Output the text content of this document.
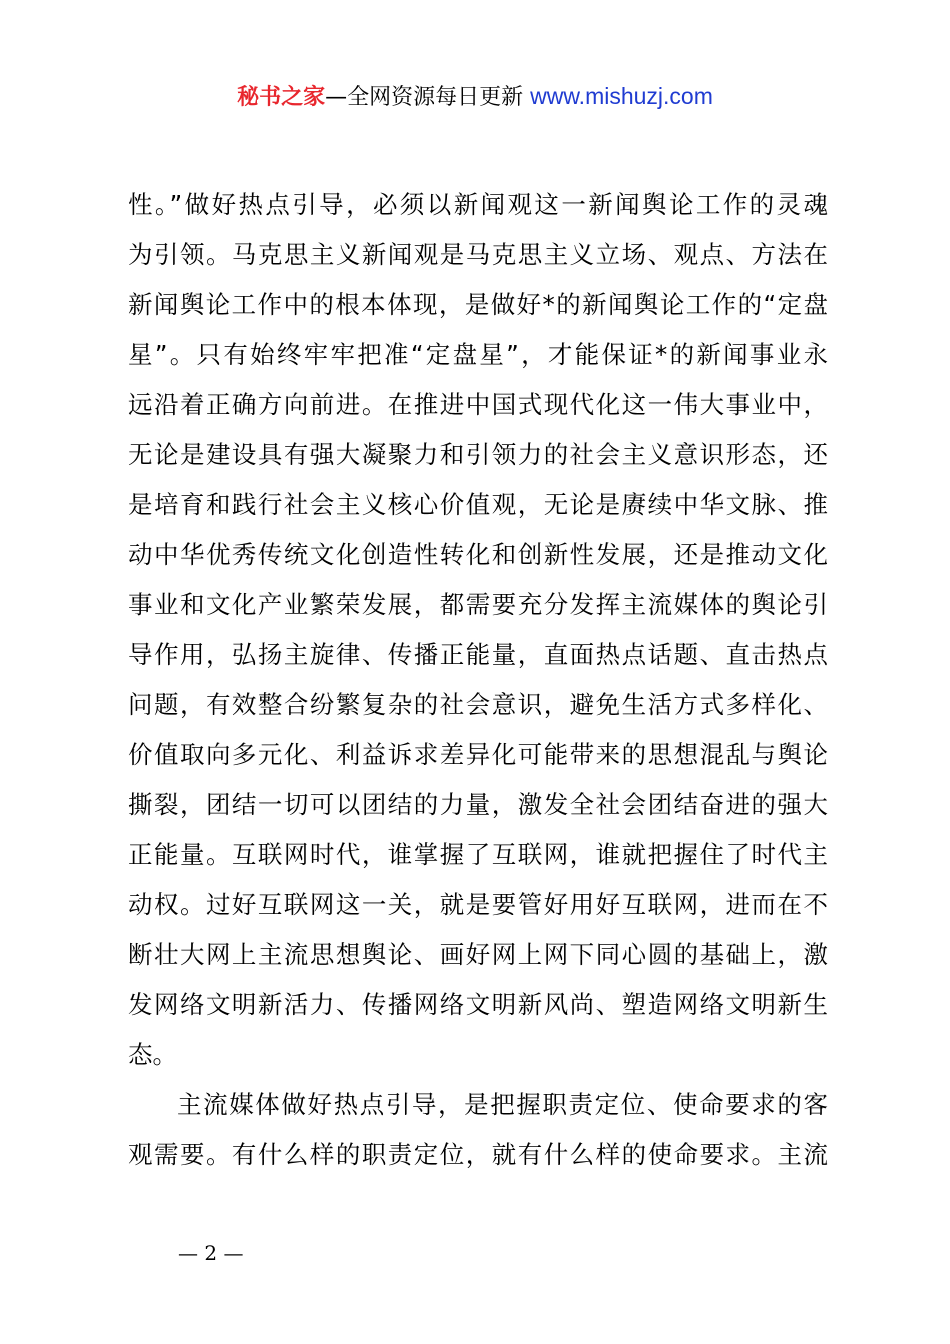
秘书之家—全网资源每日更新 www.mishuzj.com
性。”做好热点引导，必须以新闻观这一新闻舆论工作的灵魂
为引领。马克思主义新闻观是马克思主义立场、观点、方法在
新闻舆论工作中的根本体现，是做好*的新闻舆论工作的“定盘
星”。只有始终牢牢把准“定盘星”，才能保证*的新闻事业永
远沿着正确方向前进。在推进中国式现代化这一伟大事业中，
无论是建设具有强大凝聚力和引领力的社会主义意识形态，还
是培育和践行社会主义核心价值观，无论是赓续中华文脉、推
动中华优秀传统文化创造性转化和创新性发展，还是推动文化
事业和文化产业繁荣发展，都需要充分发挥主流媒体的舆论引
导作用，弘扬主旋律、传播正能量，直面热点话题、直击热点
问题，有效整合纷繁复杂的社会意识，避免生活方式多样化、
价值取向多元化、利益诉求差异化可能带来的思想混乱与舆论
撕裂，团结一切可以团结的力量，激发全社会团结奋进的强大
正能量。互联网时代，谁掌握了互联网，谁就把握住了时代主
动权。过好互联网这一关，就是要管好用好互联网，进而在不
断壮大网上主流思想舆论、画好网上网下同心圆的基础上，激
发网络文明新活力、传播网络文明新风尚、塑造网络文明新生
态。
主流媒体做好热点引导，是把握职责定位、使命要求的客
观需要。有什么样的职责定位，就有什么样的使命要求。主流
— 2 —
